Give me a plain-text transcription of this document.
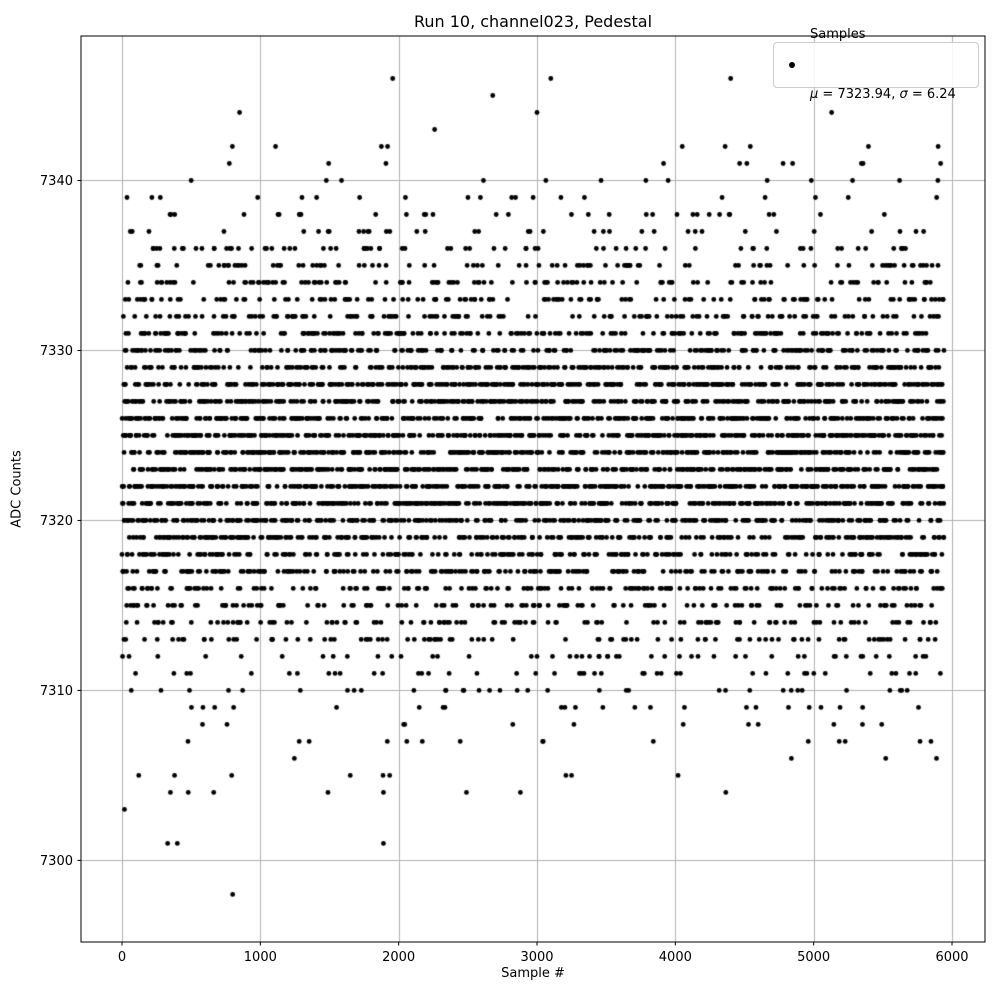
0	1000	2000	3000	4000	5000	6000
7300
7310
7320
7330
7340
Sample #
ADC Counts

Samples

μ = 7323.94, σ = 6.24
